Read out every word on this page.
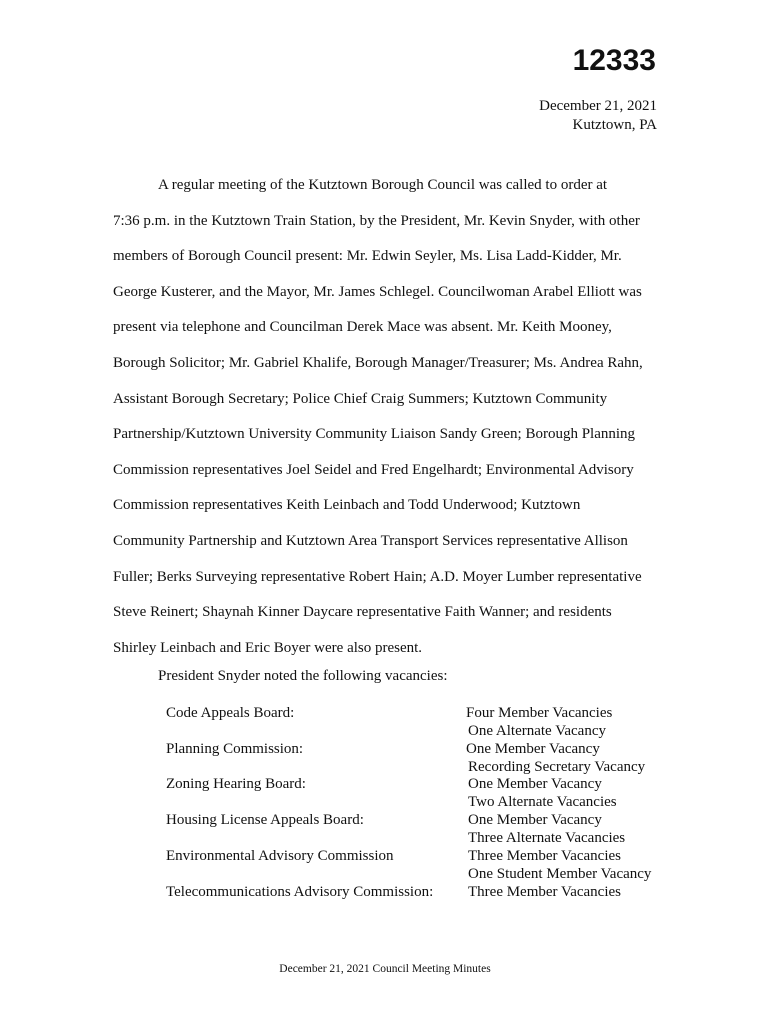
12333
December 21, 2021
Kutztown, PA
A regular meeting of the Kutztown Borough Council was called to order at
7:36 p.m. in the Kutztown Train Station, by the President, Mr. Kevin Snyder, with other
members of Borough Council present: Mr. Edwin Seyler, Ms. Lisa Ladd-Kidder, Mr.
George Kusterer, and the Mayor, Mr. James Schlegel. Councilwoman Arabel Elliott was
present via telephone and Councilman Derek Mace was absent. Mr. Keith Mooney,
Borough Solicitor; Mr. Gabriel Khalife, Borough Manager/Treasurer; Ms. Andrea Rahn,
Assistant Borough Secretary; Police Chief Craig Summers; Kutztown Community
Partnership/Kutztown University Community Liaison Sandy Green; Borough Planning
Commission representatives Joel Seidel and Fred Engelhardt; Environmental Advisory
Commission representatives Keith Leinbach and Todd Underwood; Kutztown
Community Partnership and Kutztown Area Transport Services representative Allison
Fuller; Berks Surveying representative Robert Hain; A.D. Moyer Lumber representative
Steve Reinert; Shaynah Kinner Daycare representative Faith Wanner; and residents
Shirley Leinbach and Eric Boyer were also present.
President Snyder noted the following vacancies:
Code Appeals Board:	Four Member Vacancies
One Alternate Vacancy
Planning Commission:	One Member Vacancy
Recording Secretary Vacancy
Zoning Hearing Board:	One Member Vacancy
Two Alternate Vacancies
Housing License Appeals Board:	One Member Vacancy
Three Alternate Vacancies
Environmental Advisory Commission	Three Member Vacancies
One Student Member Vacancy
Telecommunications Advisory Commission: Three Member Vacancies
December 21, 2021 Council Meeting Minutes
